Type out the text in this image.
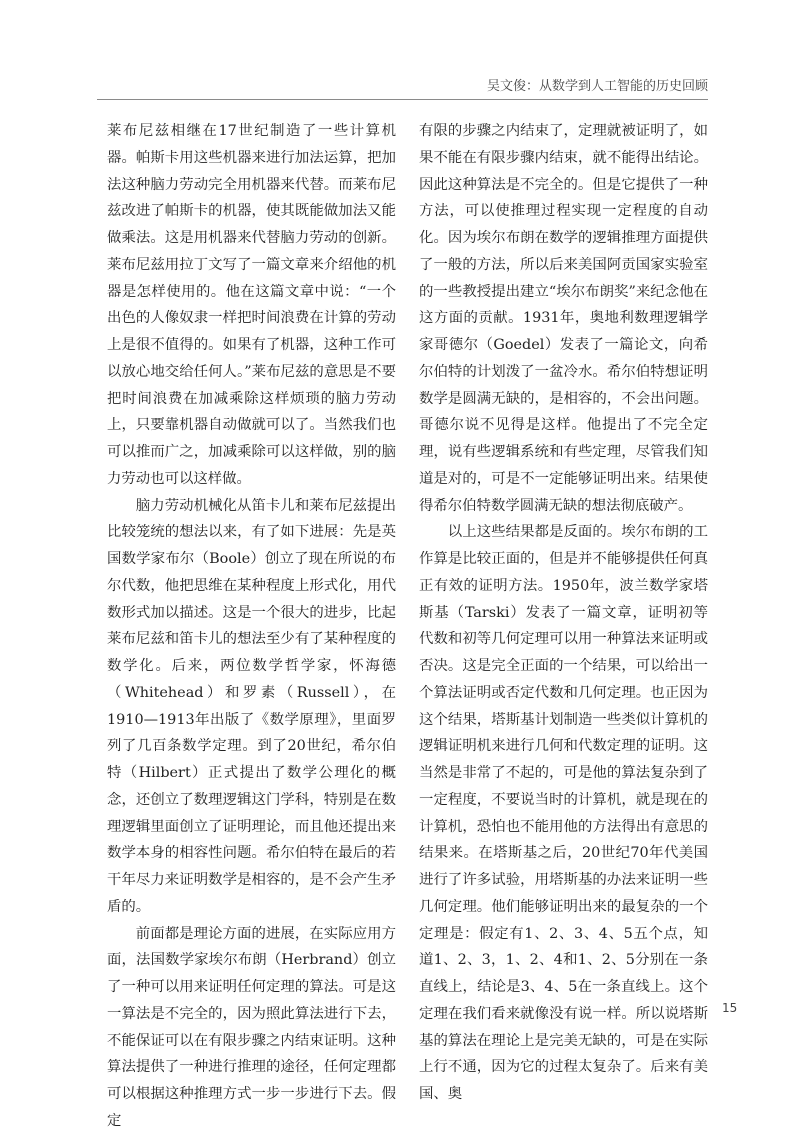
吴文俊：从数学到人工智能的历史回顾

莱布尼兹相继在17世纪制造了一些计算机器。帕斯卡用这些机器来进行加法运算，把加法这种脑力劳动完全用机器来代替。而莱布尼兹改进了帕斯卡的机器，使其既能做加法又能做乘法。这是用机器来代替脑力劳动的创新。莱布尼兹用拉丁文写了一篇文章来介绍他的机器是怎样使用的。他在这篇文章中说：“一个出色的人像奴隶一样把时间浪费在计算的劳动上是很不值得的。如果有了机器，这种工作可以放心地交给任何人。”莱布尼兹的意思是不要把时间浪费在加减乘除这样烦琐的脑力劳动上，只要靠机器自动做就可以了。当然我们也可以推而广之，加减乘除可以这样做，别的脑力劳动也可以这样做。

脑力劳动机械化从笛卡儿和莱布尼兹提出比较笼统的想法以来，有了如下进展：先是英国数学家布尔（Boole）创立了现在所说的布尔代数，他把思维在某种程度上形式化，用代数形式加以描述。这是一个很大的进步，比起莱布尼兹和笛卡儿的想法至少有了某种程度的数学化。后来，两位数学哲学家，怀海德（Whitehead）和罗素（Russell），在1910—1913年出版了《数学原理》，里面罗列了几百条数学定理。到了20世纪，希尔伯特（Hilbert）正式提出了数学公理化的概念，还创立了数理逻辑这门学科，特别是在数理逻辑里面创立了证明理论，而且他还提出来数学本身的相容性问题。希尔伯特在最后的若干年尽力来证明数学是相容的，是不会产生矛盾的。

前面都是理论方面的进展，在实际应用方面，法国数学家埃尔布朗（Herbrand）创立了一种可以用来证明任何定理的算法。可是这一算法是不完全的，因为照此算法进行下去，不能保证可以在有限步骤之内结束证明。这种算法提供了一种进行推理的途径，任何定理都可以根据这种推理方式一步一步进行下去。假定

有限的步骤之内结束了，定理就被证明了，如果不能在有限步骤内结束，就不能得出结论。因此这种算法是不完全的。但是它提供了一种方法，可以使推理过程实现一定程度的自动化。因为埃尔布朗在数学的逻辑推理方面提供了一般的方法，所以后来美国阿贡国家实验室的一些教授提出建立“埃尔布朗奖”来纪念他在这方面的贡献。1931年，奥地利数理逻辑学家哥德尔（Goedel）发表了一篇论文，向希尔伯特的计划泼了一盆冷水。希尔伯特想证明数学是圆满无缺的，是相容的，不会出问题。哥德尔说不见得是这样。他提出了不完全定理，说有些逻辑系统和有些定理，尽管我们知道是对的，可是不一定能够证明出来。结果使得希尔伯特数学圆满无缺的想法彻底破产。

以上这些结果都是反面的。埃尔布朗的工作算是比较正面的，但是并不能够提供任何真正有效的证明方法。1950年，波兰数学家塔斯基（Tarski）发表了一篇文章，证明初等代数和初等几何定理可以用一种算法来证明或否决。这是完全正面的一个结果，可以给出一个算法证明或否定代数和几何定理。也正因为这个结果，塔斯基计划制造一些类似计算机的逻辑证明机来进行几何和代数定理的证明。这当然是非常了不起的，可是他的算法复杂到了一定程度，不要说当时的计算机，就是现在的计算机，恐怕也不能用他的方法得出有意思的结果来。在塔斯基之后，20世纪70年代美国进行了许多试验，用塔斯基的办法来证明一些几何定理。他们能够证明出来的最复杂的一个定理是：假定有1、2、3、4、5五个点，知道1、2、3，1、2、4和1、2、5分别在一条直线上，结论是3、4、5在一条直线上。这个定理在我们看来就像没有说一样。所以说塔斯基的算法在理论上是完美无缺的，可是在实际上行不通，因为它的过程太复杂了。后来有美国、奥

15
